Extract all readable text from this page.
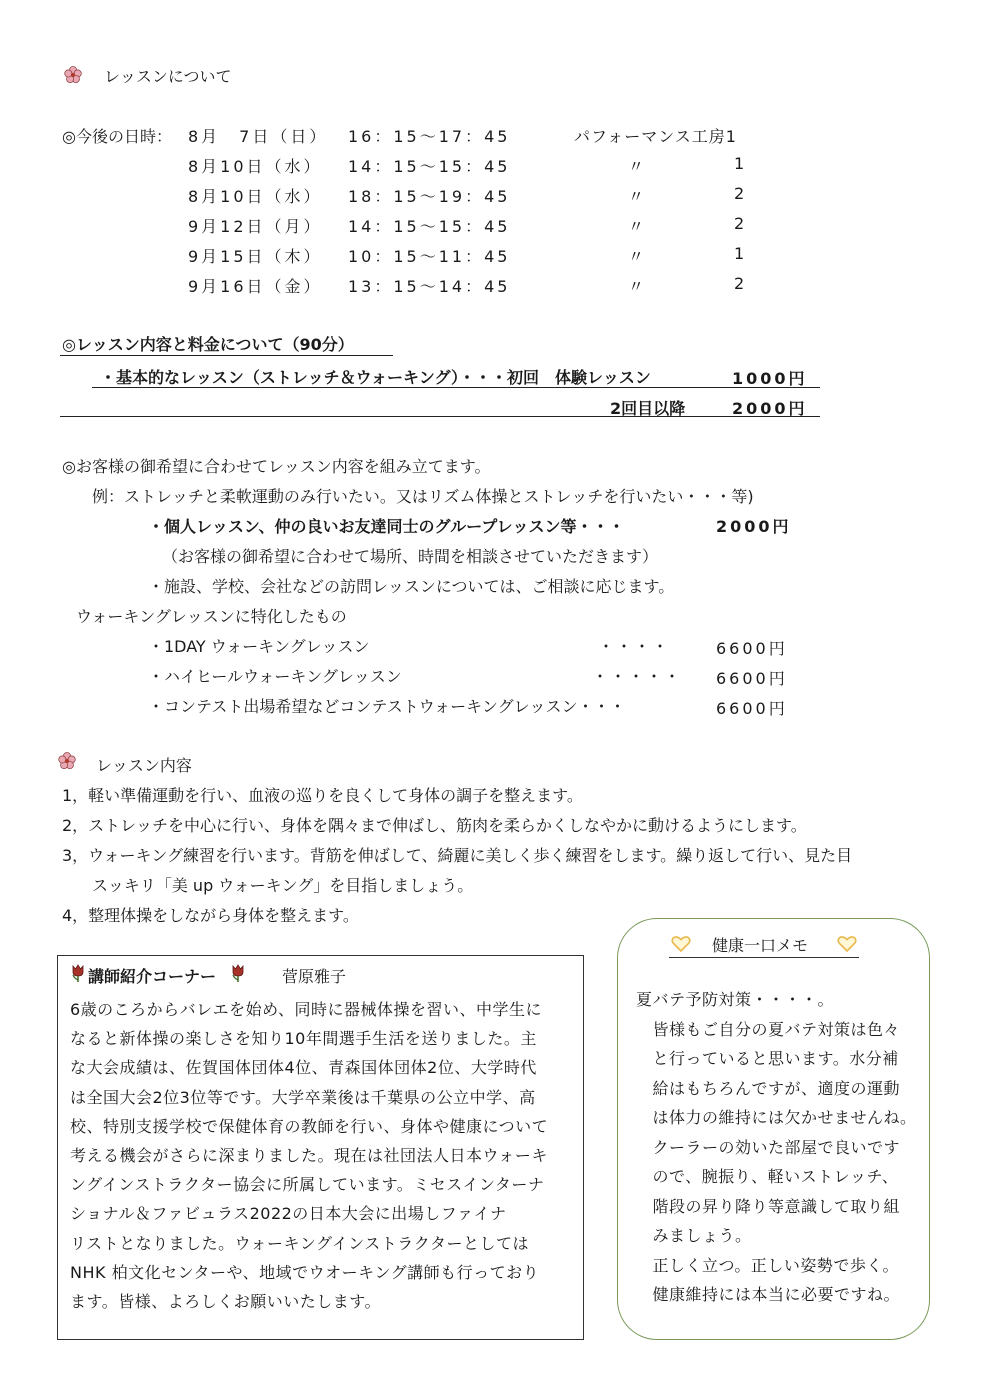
レッスンについて
◎今後の日時： 8月　7日（日） 16：15〜17：45	パフォーマンス工房1
8月10日（水） 14：15〜15：45	〃	1
8月10日（水） 18：15〜19：45	〃	2
9月12日（月） 14：15〜15：45	〃	2
9月15日（木） 10：15〜11：45	〃	1
9月16日（金） 13：15〜14：45	〃	2
◎レッスン内容と料金について（90分）
・基本的なレッスン（ストレッチ＆ウォーキング）・・・初回　体験レッスン	1000円
2回目以降	2000円
◎お客様の御希望に合わせてレッスン内容を組み立てます。
例：ストレッチと柔軟運動のみ行いたい。又はリズム体操とストレッチを行いたい・・・等)
・個人レッスン、仲の良いお友達同士のグループレッスン等・・・	2000円
（お客様の御希望に合わせて場所、時間を相談させていただきます）
・施設、学校、会社などの訪問レッスンについては、ご相談に応じます。
ウォーキングレッスンに特化したもの
・1DAY ウォーキングレッスン	・・・・	6600円
・ハイヒールウォーキングレッスン	・・・・・ 6600円
・コンテスト出場希望などコンテストウォーキングレッスン・・・	6600円
レッスン内容
1，軽い準備運動を行い、血液の巡りを良くして身体の調子を整えます。
2，ストレッチを中心に行い、身体を隅々まで伸ばし、筋肉を柔らかくしなやかに動けるようにします。
3，ウォーキング練習を行います。背筋を伸ばして、綺麗に美しく歩く練習をします。繰り返して行い、見た目
スッキリ「美 up ウォーキング」を目指しましょう。
4，整理体操をしながら身体を整えます。
講師紹介コーナー	菅原雅子
6歳のころからバレエを始め、同時に器械体操を習い、中学生に
なると新体操の楽しさを知り10年間選手生活を送りました。主
な大会成績は、佐賀国体団体4位、青森国体団体2位、大学時代
は全国大会2位3位等です。大学卒業後は千葉県の公立中学、高
校、特別支援学校で保健体育の教師を行い、身体や健康について
考える機会がさらに深まりました。現在は社団法人日本ウォーキ
ングインストラクター協会に所属しています。ミセスインターナ
ショナル＆ファビュラス2022の日本大会に出場しファイナ
リストとなりました。ウォーキングインストラクターとしては
NHK 柏文化センターや、地域でウオーキング講師も行っており
ます。皆様、よろしくお願いいたします。
健康一口メモ
夏バテ予防対策・・・・。
　皆様もご自分の夏バテ対策は色々
　と行っていると思います。水分補
　給はもちろんですが、適度の運動
　は体力の維持には欠かせませんね。
　クーラーの効いた部屋で良いです
　ので、腕振り、軽いストレッチ、
　階段の昇り降り等意識して取り組
　みましょう。
　正しく立つ。正しい姿勢で歩く。
　健康維持には本当に必要ですね。
